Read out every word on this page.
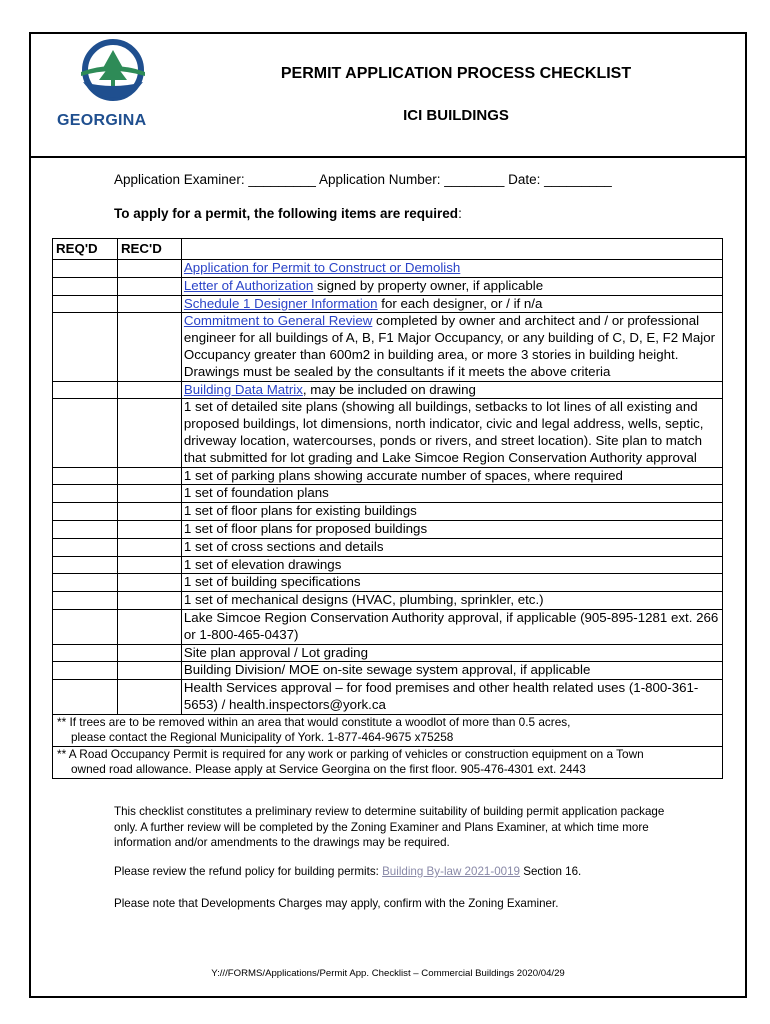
GEORGINA
PERMIT APPLICATION PROCESS CHECKLIST
ICI BUILDINGS
Application Examiner: _________ Application Number: ________ Date: _________
To apply for a permit, the following items are required:
REQ'D	REC'D	
		Application for Permit to Construct or Demolish
		Letter of Authorization signed by property owner, if applicable
		Schedule 1 Designer Information for each designer, or / if n/a
		Commitment to General Review completed by owner and architect and / or professional engineer for all buildings of A, B, F1 Major Occupancy, or any building of C, D, E, F2 Major Occupancy greater than 600m2 in building area, or more 3 stories in building height. Drawings must be sealed by the consultants if it meets the above criteria
		Building Data Matrix, may be included on drawing
		1 set of detailed site plans (showing all buildings, setbacks to lot lines of all existing and proposed buildings, lot dimensions, north indicator, civic and legal address, wells, septic, driveway location, watercourses, ponds or rivers, and street location). Site plan to match that submitted for lot grading and Lake Simcoe Region Conservation Authority approval
		1 set of parking plans showing accurate number of spaces, where required
		1 set of foundation plans
		1 set of floor plans for existing buildings
		1 set of floor plans for proposed buildings
		1 set of cross sections and details
		1 set of elevation drawings
		1 set of building specifications
		1 set of mechanical designs (HVAC, plumbing, sprinkler, etc.)
		Lake Simcoe Region Conservation Authority approval, if applicable (905-895-1281 ext. 266 or 1-800-465-0437)
		Site plan approval / Lot grading
		Building Division/ MOE on-site sewage system approval, if applicable
		Health Services approval – for food premises and other health related uses (1-800-361-5653) / health.inspectors@york.ca
** If trees are to be removed within an area that would constitute a woodlot of more than 0.5 acres,
please contact the Regional Municipality of York. 1-877-464-9675 x75258		

** A Road Occupancy Permit is required for any work or parking of vehicles or construction equipment on a Town
owned road allowance. Please apply at Service Georgina on the first floor. 905-476-4301 ext. 2443		
This checklist constitutes a preliminary review to determine suitability of building permit application package only. A further review will be completed by the Zoning Examiner and Plans Examiner, at which time more information and/or amendments to the drawings may be required.
Please review the refund policy for building permits: Building By-law 2021-0019 Section 16.
Please note that Developments Charges may apply, confirm with the Zoning Examiner.
Y:///FORMS/Applications/Permit App. Checklist – Commercial Buildings 2020/04/29
